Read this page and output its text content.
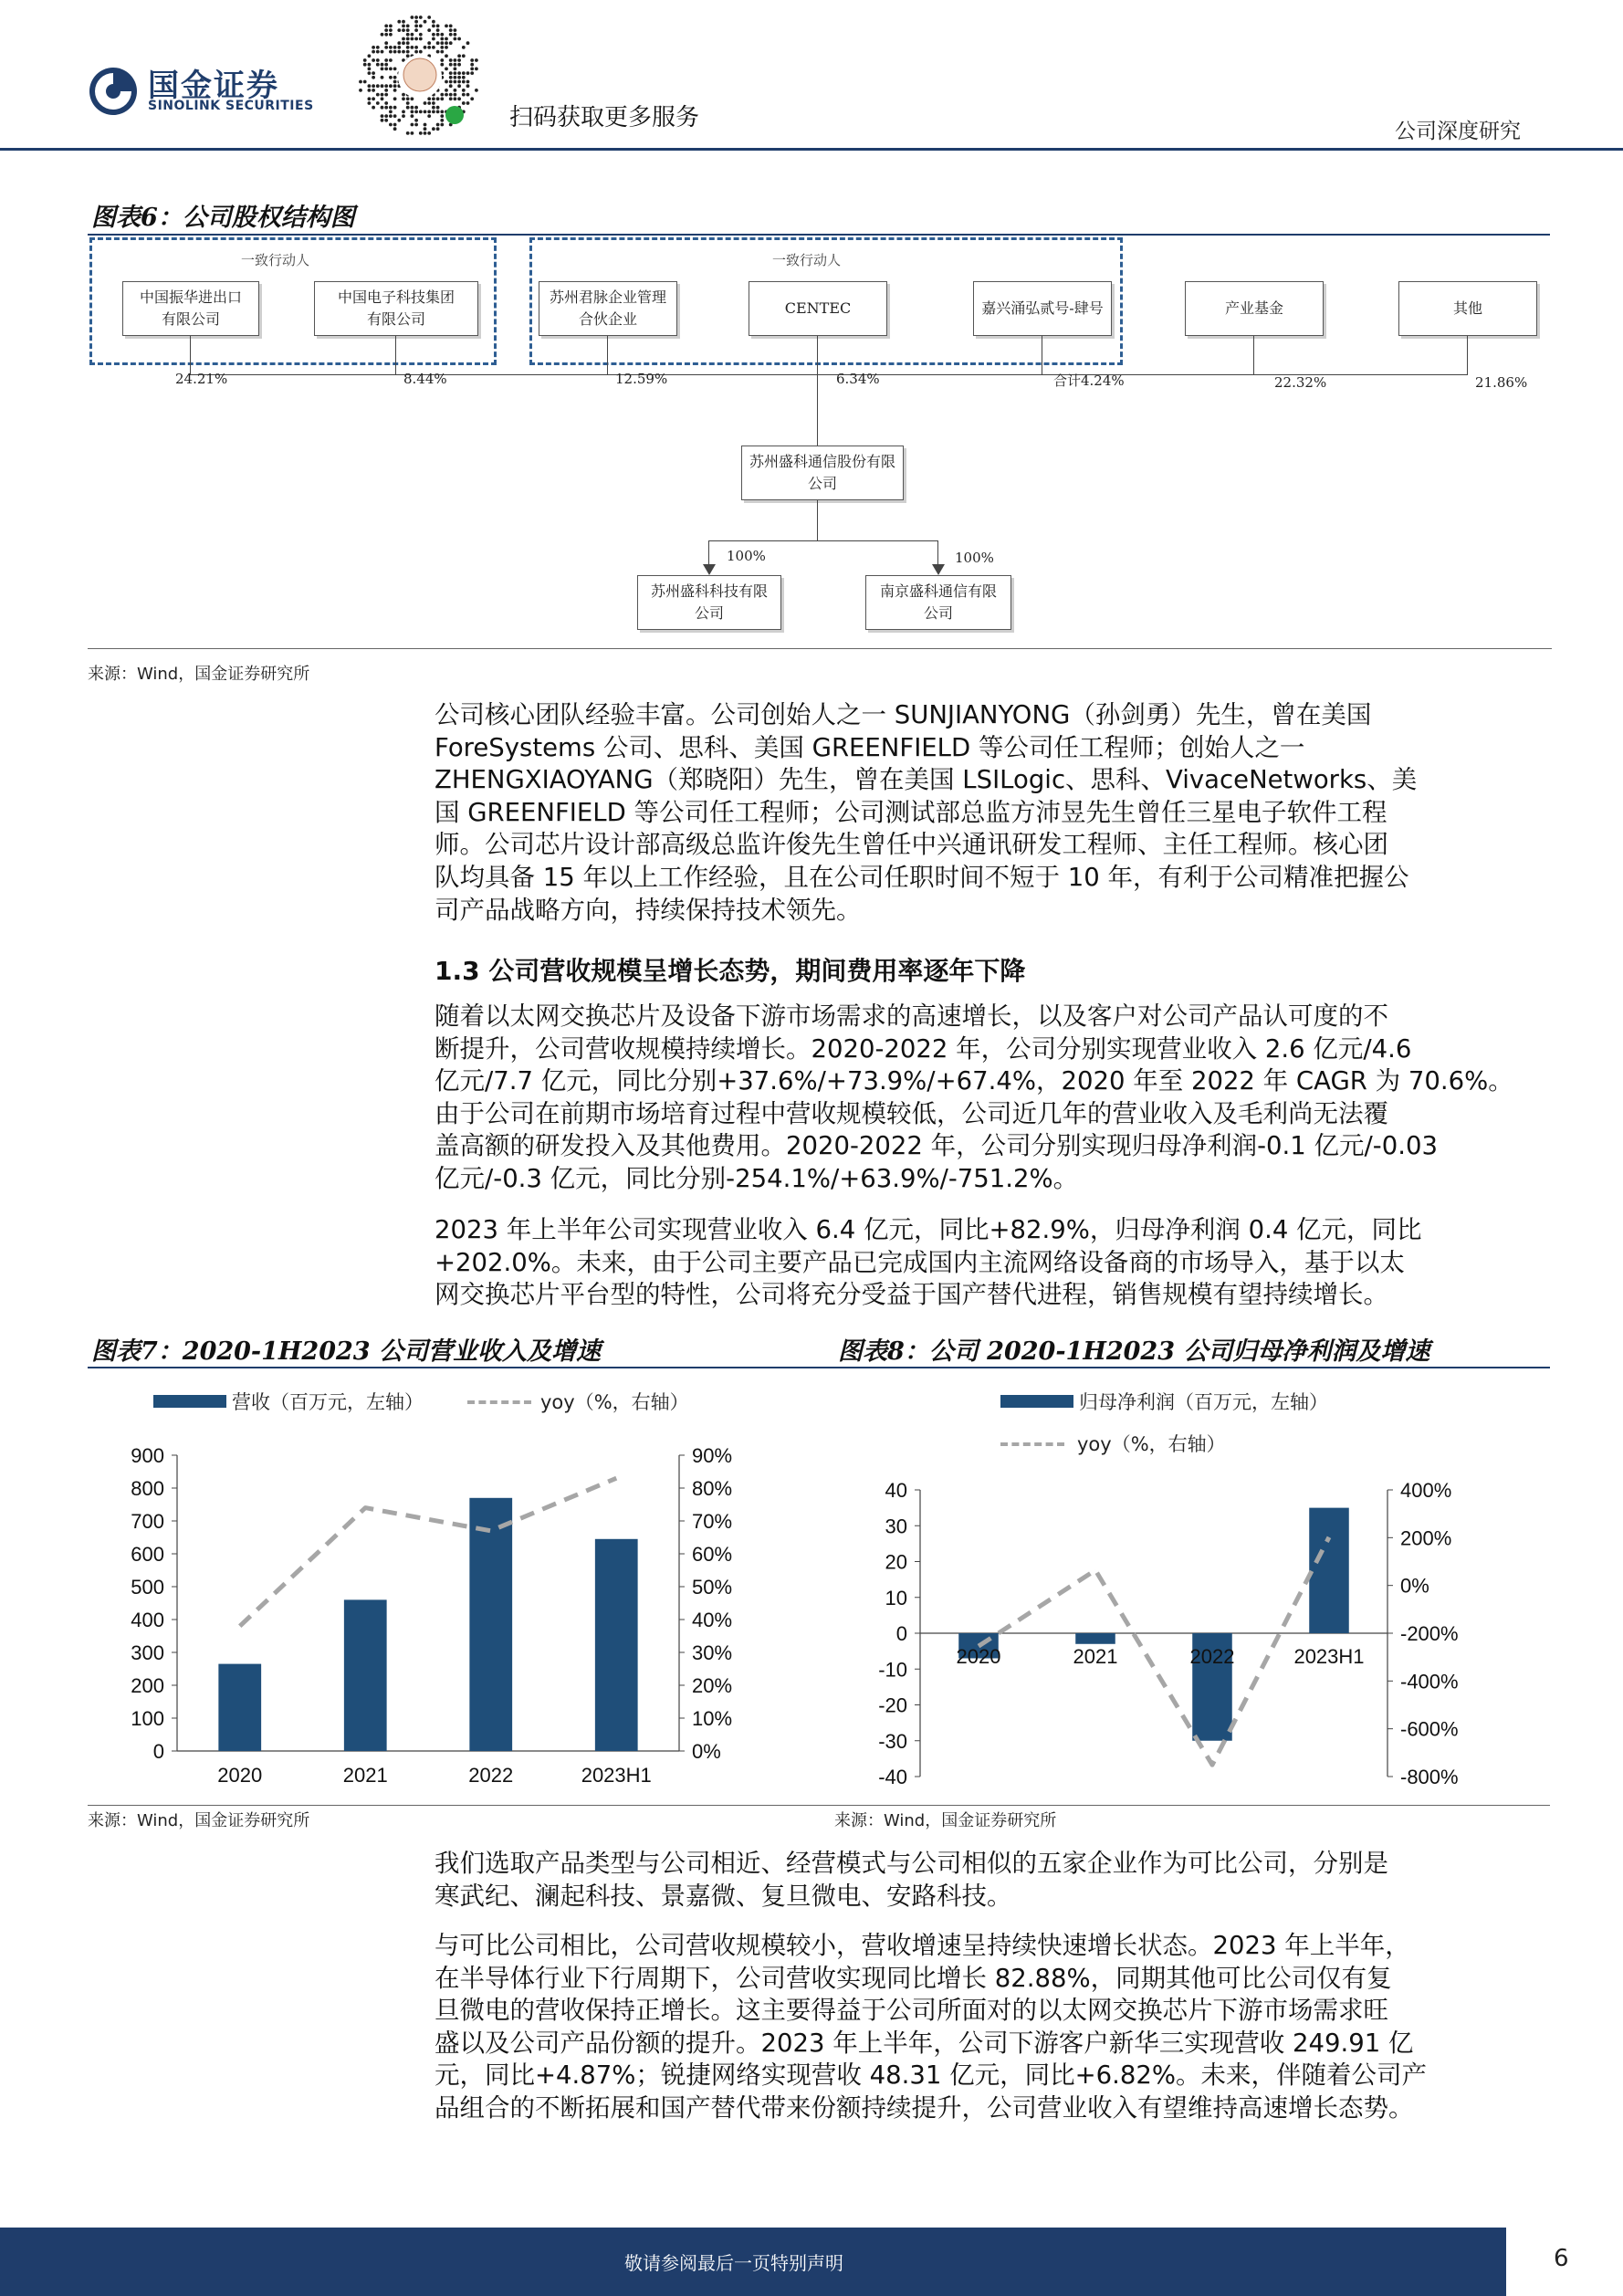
国金证券
SINOLINK SECURITIES	扫码获取更多服务	公司深度研究
图表6：公司股权结构图
一致行动人	一致行动人
中国振华进出口
有限公司
中国电子科技集团
有限公司
苏州君脉企业管理
合伙企业
CENTEC	嘉兴涌弘贰号-肆号	产业基金	其他
24.21%	8.44%	12.59%	6.34%	合计4.24%	22.32%	21.86%
苏州盛科通信股份有限
公司
100%	100%
苏州盛科科技有限
公司
南京盛科通信有限
公司
来源：Wind，国金证券研究所
公司核心团队经验丰富。公司创始人之一 SUNJIANYONG（孙剑勇）先生，曾在美国
ForeSystems 公司、思科、美国 GREENFIELD 等公司任工程师；创始人之一
ZHENGXIAOYANG（郑晓阳）先生，曾在美国 LSILogic、思科、VivaceNetworks、美
国 GREENFIELD 等公司任工程师；公司测试部总监方沛昱先生曾任三星电子软件工程
师。公司芯片设计部高级总监许俊先生曾任中兴通讯研发工程师、主任工程师。核心团
队均具备 15 年以上工作经验，且在公司任职时间不短于 10 年，有利于公司精准把握公
司产品战略方向，持续保持技术领先。
1.3 公司营收规模呈增长态势，期间费用率逐年下降
随着以太网交换芯片及设备下游市场需求的高速增长，以及客户对公司产品认可度的不
断提升，公司营收规模持续增长。2020-2022 年，公司分别实现营业收入 2.6 亿元/4.6
亿元/7.7 亿元，同比分别+37.6%/+73.9%/+67.4%，2020 年至 2022 年 CAGR 为 70.6%。
由于公司在前期市场培育过程中营收规模较低，公司近几年的营业收入及毛利尚无法覆
盖高额的研发投入及其他费用。2020-2022 年，公司分别实现归母净利润-0.1 亿元/-0.03
亿元/-0.3 亿元，同比分别-254.1%/+63.9%/-751.2%。
2023 年上半年公司实现营业收入 6.4 亿元，同比+82.9%，归母净利润 0.4 亿元，同比
+202.0%。未来，由于公司主要产品已完成国内主流网络设备商的市场导入，基于以太
网交换芯片平台型的特性，公司将充分受益于国产替代进程，销售规模有望持续增长。
图表7：2020-1H2023 公司营业收入及增速
0
100
200
300
400
500
600
700
800
900
0%
10%
20%
30%
40%
50%
60%
70%
80%
90%
2020	2021	2022	2023H1
营收（百万元，左轴）	yoy（%，右轴）
来源：Wind，国金证券研究所
图表8：公司 2020-1H2023 公司归母净利润及增速
-40
-30
-20
-10
0
10
20
30
40
-800%
-600%
-400%
-200%
0%
200%
400%
2020	2021	2022	2023H1
归母净利润（百万元，左轴）
yoy（%，右轴）
来源：Wind，国金证券研究所
我们选取产品类型与公司相近、经营模式与公司相似的五家企业作为可比公司，分别是
寒武纪、澜起科技、景嘉微、复旦微电、安路科技。
与可比公司相比，公司营收规模较小，营收增速呈持续快速增长状态。2023 年上半年，
在半导体行业下行周期下，公司营收实现同比增长 82.88%，同期其他可比公司仅有复
旦微电的营收保持正增长。这主要得益于公司所面对的以太网交换芯片下游市场需求旺
盛以及公司产品份额的提升。2023 年上半年，公司下游客户新华三实现营收 249.91 亿
元，同比+4.87%；锐捷网络实现营收 48.31 亿元，同比+6.82%。未来，伴随着公司产
品组合的不断拓展和国产替代带来份额持续提升，公司营业收入有望维持高速增长态势。
敬请参阅最后一页特别声明	6
